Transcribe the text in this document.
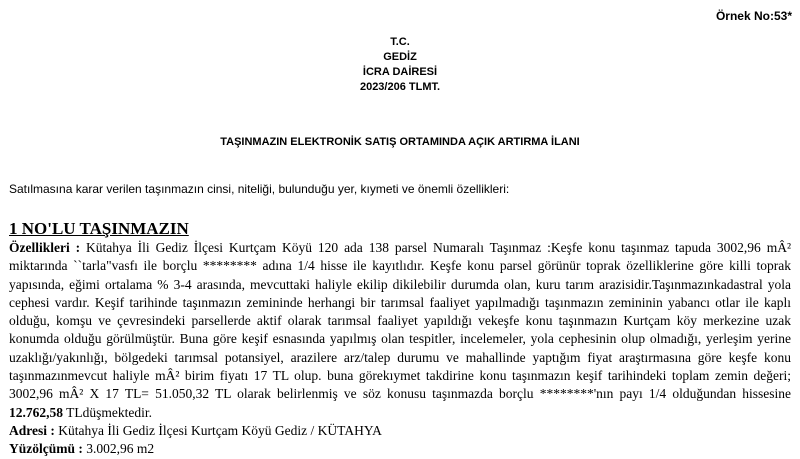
Örnek No:53*
T.C.
GEDİZ
İCRA DAİRESİ
2023/206 TLMT.
TAŞINMAZIN ELEKTRONİK SATIŞ ORTAMINDA AÇIK ARTIRMA İLANI
Satılmasına karar verilen taşınmazın cinsi, niteliği, bulunduğu yer, kıymeti ve önemli özellikleri:
1 NO'LU TAŞINMAZIN

Özellikleri : Kütahya İli Gediz İlçesi Kurtçam Köyü 120 ada 138 parsel Numaralı Taşınmaz :Keşfe konu taşınmaz tapuda 3002,96 mÂ² miktarında ``tarla"vasfı ile borçlu ******** adına 1/4 hisse ile kayıtlıdır. Keşfe konu parsel görünür toprak özelliklerine göre killi toprak yapısında, eğimi ortalama % 3-4 arasında, mevcuttaki haliyle ekilip dikilebilir durumda olan, kuru tarım arazisidir.Taşınmazınkadastral yola cephesi vardır. Keşif tarihinde taşınmazın zemininde herhangi bir tarımsal faaliyet yapılmadığı taşınmazın zemininin yabancı otlar ile kaplı olduğu, komşu ve çevresindeki parsellerde aktif olarak tarımsal faaliyet yapıldığı vekeşfe konu taşınmazın Kurtçam köy merkezine uzak konumda olduğu görülmüştür. Buna göre keşif esnasında yapılmış olan tespitler, incelemeler, yola cephesinin olup olmadığı, yerleşim yerine uzaklığı/yakınlığı, bölgedeki tarımsal potansiyel, arazilere arz/talep durumu ve mahallinde yaptığım fiyat araştırmasına göre keşfe konu taşınmazınmevcut haliyle mÂ² birim fiyatı 17 TL olup. buna görekıymet takdirine konu taşınmazın keşif tarihindeki toplam zemin değeri; 3002,96 mÂ² X 17 TL= 51.050,32 TL olarak belirlenmiş ve söz konusu taşınmazda borçlu ********'nın payı 1/4 olduğundan hissesine 12.762,58 TLdüşmektedir.

Adresi : Kütahya İli Gediz İlçesi Kurtçam Köyü Gediz / KÜTAHYA

Yüzölçümü : 3.002,96 m2
